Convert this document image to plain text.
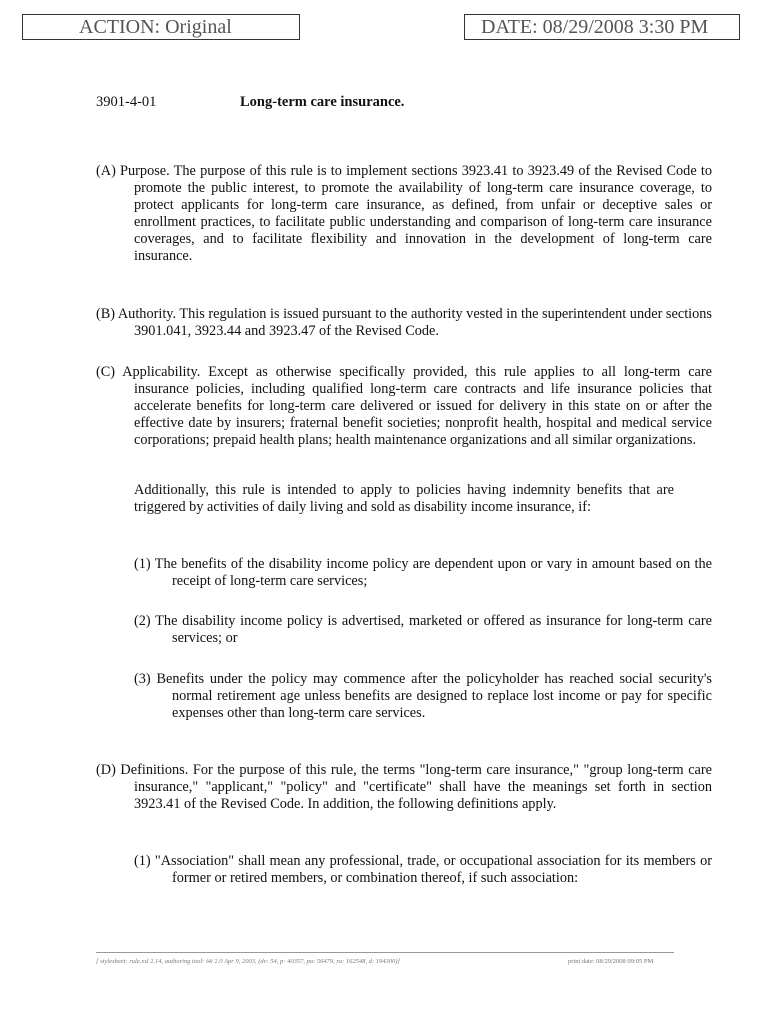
ACTION: Original	DATE: 08/29/2008 3:30 PM
3901-4-01	Long-term care insurance.
(A) Purpose. The purpose of this rule is to implement sections 3923.41 to 3923.49 of the Revised Code to promote the public interest, to promote the availability of long-term care insurance coverage, to protect applicants for long-term care insurance, as defined, from unfair or deceptive sales or enrollment practices, to facilitate public understanding and comparison of long-term care insurance coverages, and to facilitate flexibility and innovation in the development of long-term care insurance.
(B) Authority. This regulation is issued pursuant to the authority vested in the superintendent under sections 3901.041, 3923.44 and 3923.47 of the Revised Code.
(C) Applicability. Except as otherwise specifically provided, this rule applies to all long-term care insurance policies, including qualified long-term care contracts and life insurance policies that accelerate benefits for long-term care delivered or issued for delivery in this state on or after the effective date by insurers; fraternal benefit societies; nonprofit health, hospital and medical service corporations; prepaid health plans; health maintenance organizations and all similar organizations.
Additionally, this rule is intended to apply to policies having indemnity benefits that are triggered by activities of daily living and sold as disability income insurance, if:
(1) The benefits of the disability income policy are dependent upon or vary in amount based on the receipt of long-term care services;
(2) The disability income policy is advertised, marketed or offered as insurance for long-term care services; or
(3) Benefits under the policy may commence after the policyholder has reached social security's normal retirement age unless benefits are designed to replace lost income or pay for specific expenses other than long-term care services.
(D) Definitions. For the purpose of this rule, the terms "long-term care insurance," "group long-term care insurance," "applicant," "policy" and "certificate" shall have the meanings set forth in section 3923.41 of the Revised Code. In addition, the following definitions apply.
(1) "Association" shall mean any professional, trade, or occupational association for its members or former or retired members, or combination thereof, if such association:
[ stylesheet: rule.xsl 2.14, authoring tool: i4i 2.0 Apr 9, 2003, (dv: 54, p: 40357, pa: 56479, ra: 162548, d: 194300)]	print date: 08/29/2008 09:05 PM
